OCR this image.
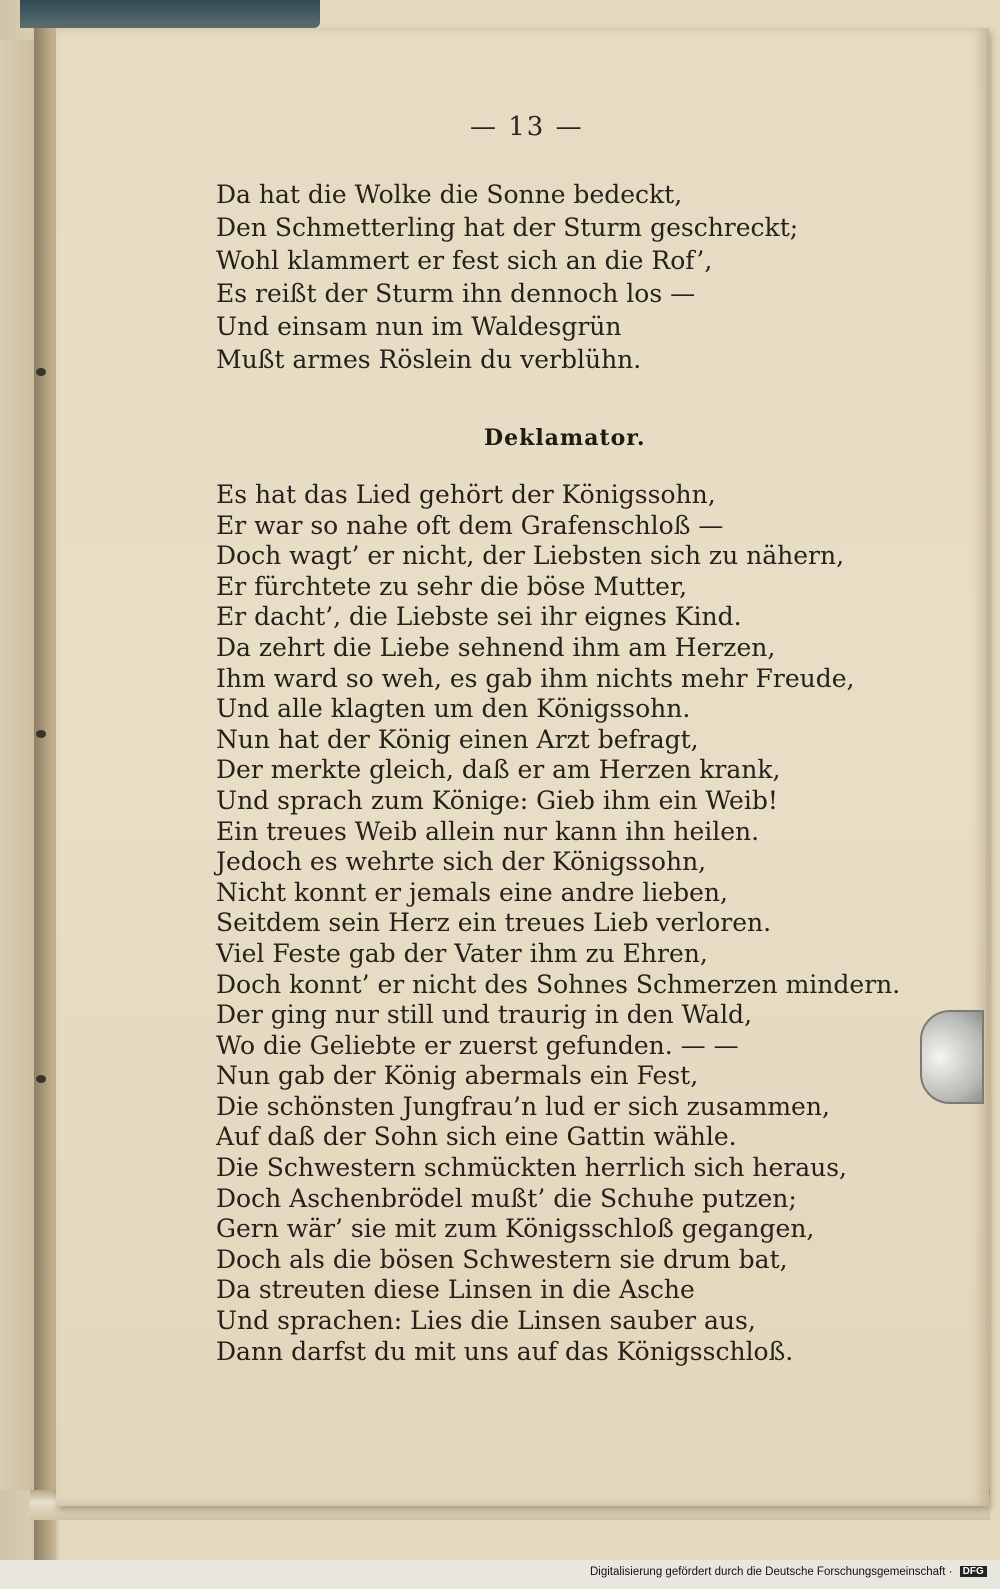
— 13 —
Da hat die Wolke die Sonne bedeckt,
Den Schmetterling hat der Sturm geschreckt;
Wohl klammert er fest sich an die Rof’,
Es reißt der Sturm ihn dennoch los —
Und einsam nun im Waldesgrün
Mußt armes Röslein du verblühn.
Deklamator.
Es hat das Lied gehört der Königssohn,
Er war so nahe oft dem Grafenschloß —
Doch wagt’ er nicht, der Liebsten sich zu nähern,
Er fürchtete zu sehr die böse Mutter,
Er dacht’, die Liebste sei ihr eignes Kind.
Da zehrt die Liebe sehnend ihm am Herzen,
Ihm ward so weh, es gab ihm nichts mehr Freude,
Und alle klagten um den Königssohn.
Nun hat der König einen Arzt befragt,
Der merkte gleich, daß er am Herzen krank,
Und sprach zum Könige: Gieb ihm ein Weib!
Ein treues Weib allein nur kann ihn heilen.
Jedoch es wehrte sich der Königssohn,
Nicht konnt er jemals eine andre lieben,
Seitdem sein Herz ein treues Lieb verloren.
Viel Feste gab der Vater ihm zu Ehren,
Doch konnt’ er nicht des Sohnes Schmerzen mindern.
Der ging nur still und traurig in den Wald,
Wo die Geliebte er zuerst gefunden. — —
Nun gab der König abermals ein Fest,
Die schönsten Jungfrau’n lud er sich zusammen,
Auf daß der Sohn sich eine Gattin wähle.
Die Schwestern schmückten herrlich sich heraus,
Doch Aschenbrödel mußt’ die Schuhe putzen;
Gern wär’ sie mit zum Königsschloß gegangen,
Doch als die bösen Schwestern sie drum bat,
Da streuten diese Linsen in die Asche
Und sprachen: Lies die Linsen sauber aus,
Dann darfst du mit uns auf das Königsschloß.
Digitalisierung gefördert durch die Deutsche Forschungsgemeinschaft · DFG
